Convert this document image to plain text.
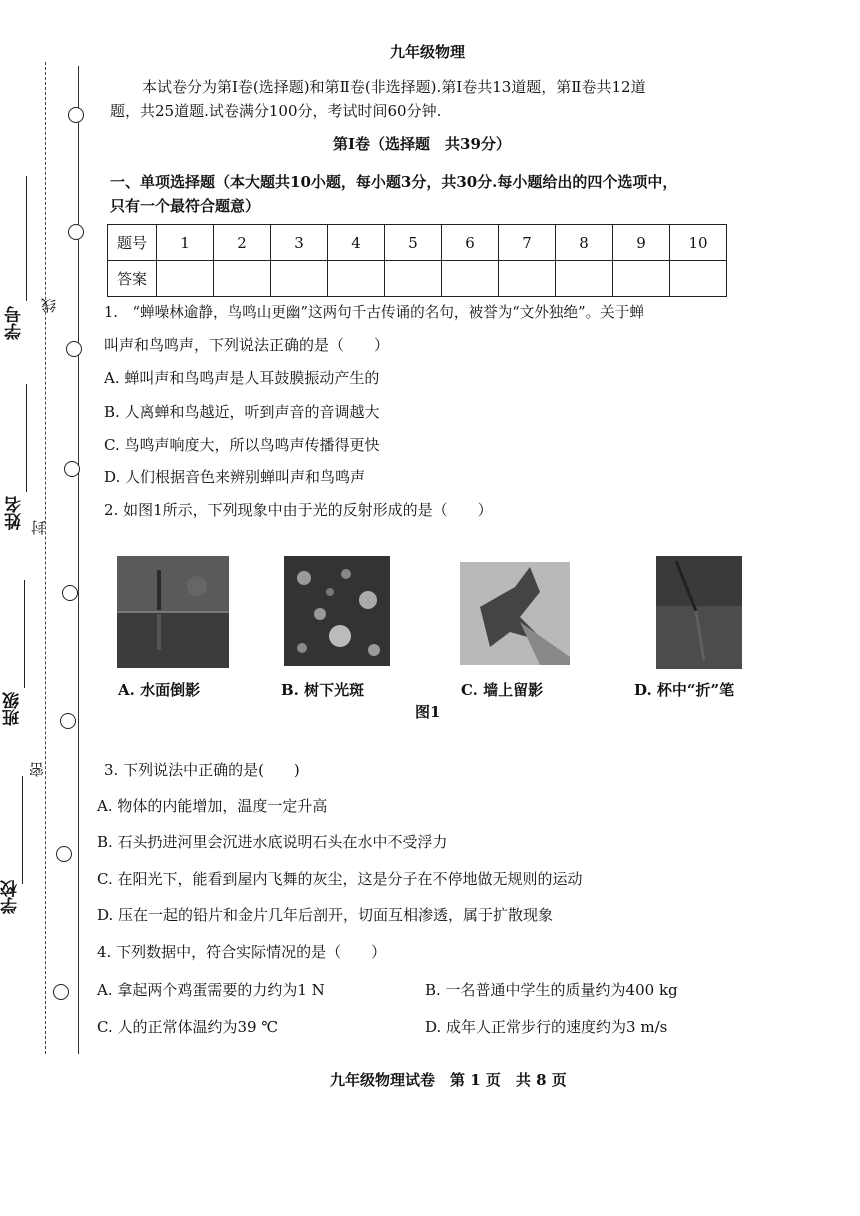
学号
线
姓名 封
班级
密
学校
九年级物理
本试卷分为第Ⅰ卷(选择题)和第Ⅱ卷(非选择题).第Ⅰ卷共13道题，第Ⅱ卷共12道
题，共25道题.试卷满分100分，考试时间60分钟.
第Ⅰ卷（选择题　共39分）
一、单项选择题（本大题共10小题，每小题3分，共30分.每小题给出的四个选项中，
只有一个最符合题意）
题号	1	2	3	4	5	6	7	8	9	10
答案										
1.　“蝉噪林逾静，鸟鸣山更幽”这两句千古传诵的名句，被誉为“文外独绝”。关于蝉
叫声和鸟鸣声，下列说法正确的是（　　）
A. 蝉叫声和鸟鸣声是人耳鼓膜振动产生的
B. 人离蝉和鸟越近，听到声音的音调越大
C. 鸟鸣声响度大，所以鸟鸣声传播得更快
D. 人们根据音色来辨别蝉叫声和鸟鸣声
2. 如图1所示，下列现象中由于光的反射形成的是（　　）
A. 水面倒影	B. 树下光斑	C. 墙上留影	D. 杯中“折”笔
图1
3. 下列说法中正确的是(　　)
A. 物体的内能增加，温度一定升高
B. 石头扔进河里会沉进水底说明石头在水中不受浮力
C. 在阳光下，能看到屋内飞舞的灰尘，这是分子在不停地做无规则的运动
D. 压在一起的铅片和金片几年后剖开，切面互相渗透，属于扩散现象
4. 下列数据中，符合实际情况的是（　　）
A. 拿起两个鸡蛋需要的力约为1 N	B. 一名普通中学生的质量约为400 kg
C. 人的正常体温约为39 ℃	D. 成年人正常步行的速度约为3 m/s
九年级物理试卷　第 1 页　共 8 页
